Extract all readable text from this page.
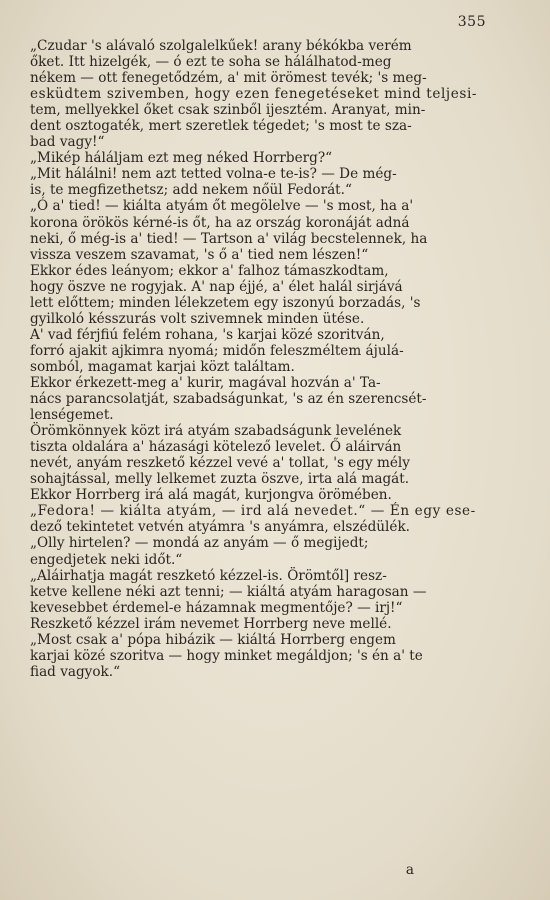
355
„Czudar 's alávaló szolgalelkűek! arany békókba verém
őket. Itt hizelgék, — ó ezt te soha se hálálhatod-meg
nékem — ott fenegetődzém, a' mit örömest tevék; 's meg-
esküdtem szivemben, hogy ezen fenegetéseket mind teljesi-
tem, mellyekkel őket csak szinből ijesztém. Aranyat, min-
dent osztogaték, mert szeretlek tégedet; 's most te sza-
bad vagy!“
„Mikép háláljam ezt meg néked Horrberg?“
„Mit hálálni! nem azt tetted volna-e te-is? — De még-
is, te megfizethetsz; add nekem nőül Fedorát.“
„Ó a' tied! — kiálta atyám őt megölelve — 's most, ha a'
korona örökös kérné-is őt, ha az ország koronáját adná
neki, ő még-is a' tied! — Tartson a' világ becstelennek, ha
vissza veszem szavamat, 's ő a' tied nem lészen!“
Ekkor édes leányom; ekkor a' falhoz támaszkodtam,
hogy öszve ne rogyjak. A' nap éjjé, a' élet halál sirjává
lett előttem; minden lélekzetem egy iszonyú borzadás, 's
gyilkoló késszurás volt szivemnek minden ütése.
A' vad férjfiú felém rohana, 's karjai közé szoritván,
forró ajakit ajkimra nyomá; midőn feleszméltem ájulá-
somból, magamat karjai közt találtam.
Ekkor érkezett-meg a' kurir, magával hozván a' Ta-
nács parancsolatját, szabadságunkat, 's az én szerencsét-
lenségemet.
Örömkönnyek közt irá atyám szabadságunk levelének
tiszta oldalára a' házasági kötelező levelet. Ő aláirván
nevét, anyám reszkető kézzel vevé a' tollat, 's egy mély
sohajtással, melly lelkemet zuzta öszve, irta alá magát.
Ekkor Horrberg irá alá magát, kurjongva örömében.
„Fedora! — kiálta atyám, — ird alá nevedet.“ — Én egy ese-
dező tekintetet vetvén atyámra 's anyámra, elszédülék.
„Olly hirtelen? — mondá az anyám — ő megijedt;
engedjetek neki időt.“
„Aláirhatja magát reszketó kézzel-is. Örömtől] resz-
ketve kellene néki azt tenni; — kiáltá atyám haragosan —
kevesebbet érdemel-e házamnak megmentője? — irj!“
Reszkető kézzel irám nevemet Horrberg neve mellé.
„Most csak a' pópa hibázik — kiáltá Horrberg engem
karjai közé szoritva — hogy minket megáldjon; 's én a' te
fiad vagyok.“
a
